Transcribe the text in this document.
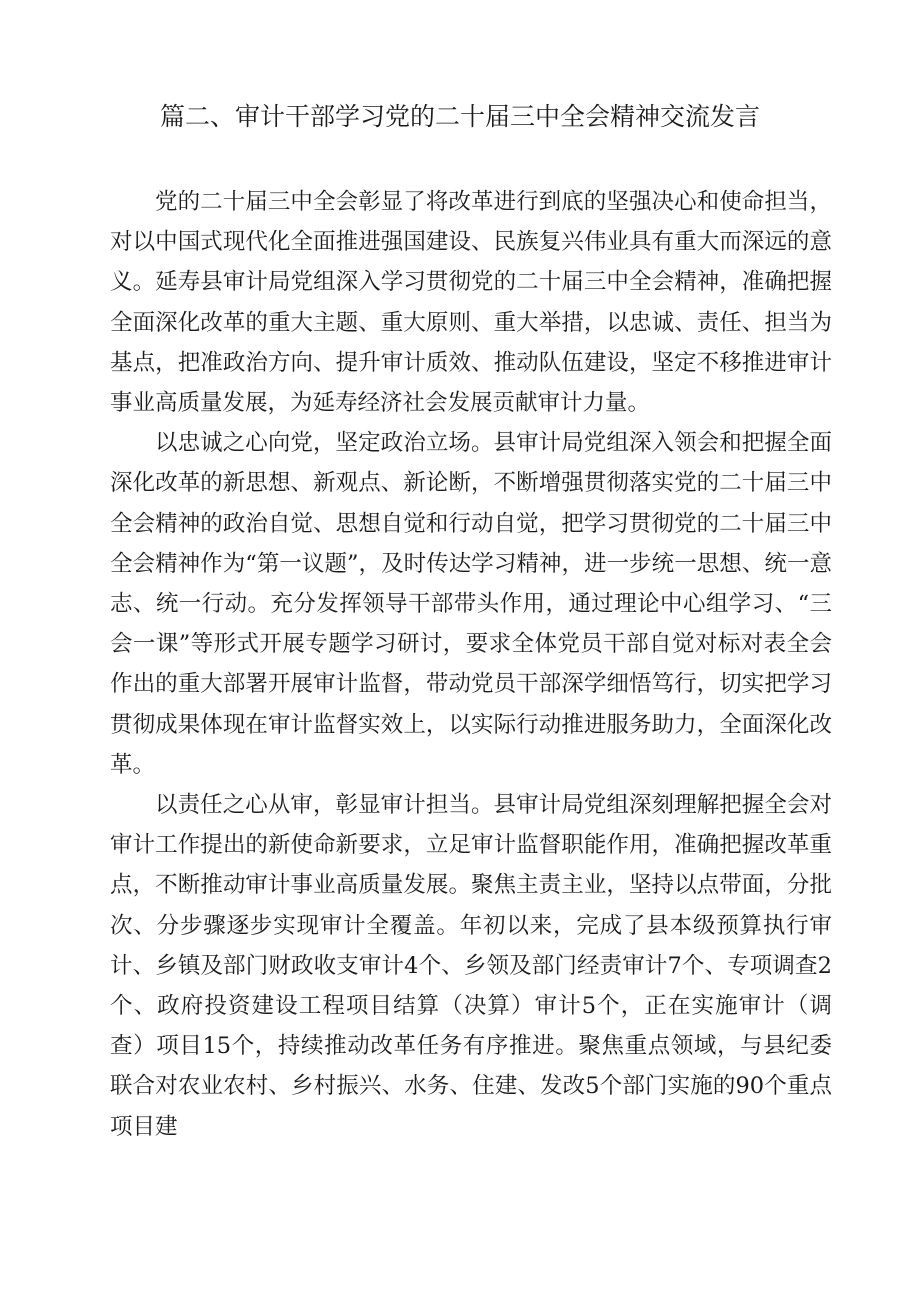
篇二、审计干部学习党的二十届三中全会精神交流发言

党的二十届三中全会彰显了将改革进行到底的坚强决心和使命担当，对以中国式现代化全面推进强国建设、民族复兴伟业具有重大而深远的意义。延寿县审计局党组深入学习贯彻党的二十届三中全会精神，准确把握全面深化改革的重大主题、重大原则、重大举措，以忠诚、责任、担当为基点，把准政治方向、提升审计质效、推动队伍建设，坚定不移推进审计事业高质量发展，为延寿经济社会发展贡献审计力量。

以忠诚之心向党，坚定政治立场。县审计局党组深入领会和把握全面深化改革的新思想、新观点、新论断，不断增强贯彻落实党的二十届三中全会精神的政治自觉、思想自觉和行动自觉，把学习贯彻党的二十届三中全会精神作为“第一议题”，及时传达学习精神，进一步统一思想、统一意志、统一行动。充分发挥领导干部带头作用，通过理论中心组学习、“三会一课”等形式开展专题学习研讨，要求全体党员干部自觉对标对表全会作出的重大部署开展审计监督，带动党员干部深学细悟笃行，切实把学习贯彻成果体现在审计监督实效上，以实际行动推进服务助力，全面深化改革。

以责任之心从审，彰显审计担当。县审计局党组深刻理解把握全会对审计工作提出的新使命新要求，立足审计监督职能作用，准确把握改革重点，不断推动审计事业高质量发展。聚焦主责主业，坚持以点带面，分批次、分步骤逐步实现审计全覆盖。年初以来，完成了县本级预算执行审计、乡镇及部门财政收支审计4个、乡领及部门经责审计7个、专项调查2个、政府投资建设工程项目结算（决算）审计5个，正在实施审计（调查）项目15个，持续推动改革任务有序推进。聚焦重点领域，与县纪委联合对农业农村、乡村振兴、水务、住建、发改5个部门实施的90个重点项目建
